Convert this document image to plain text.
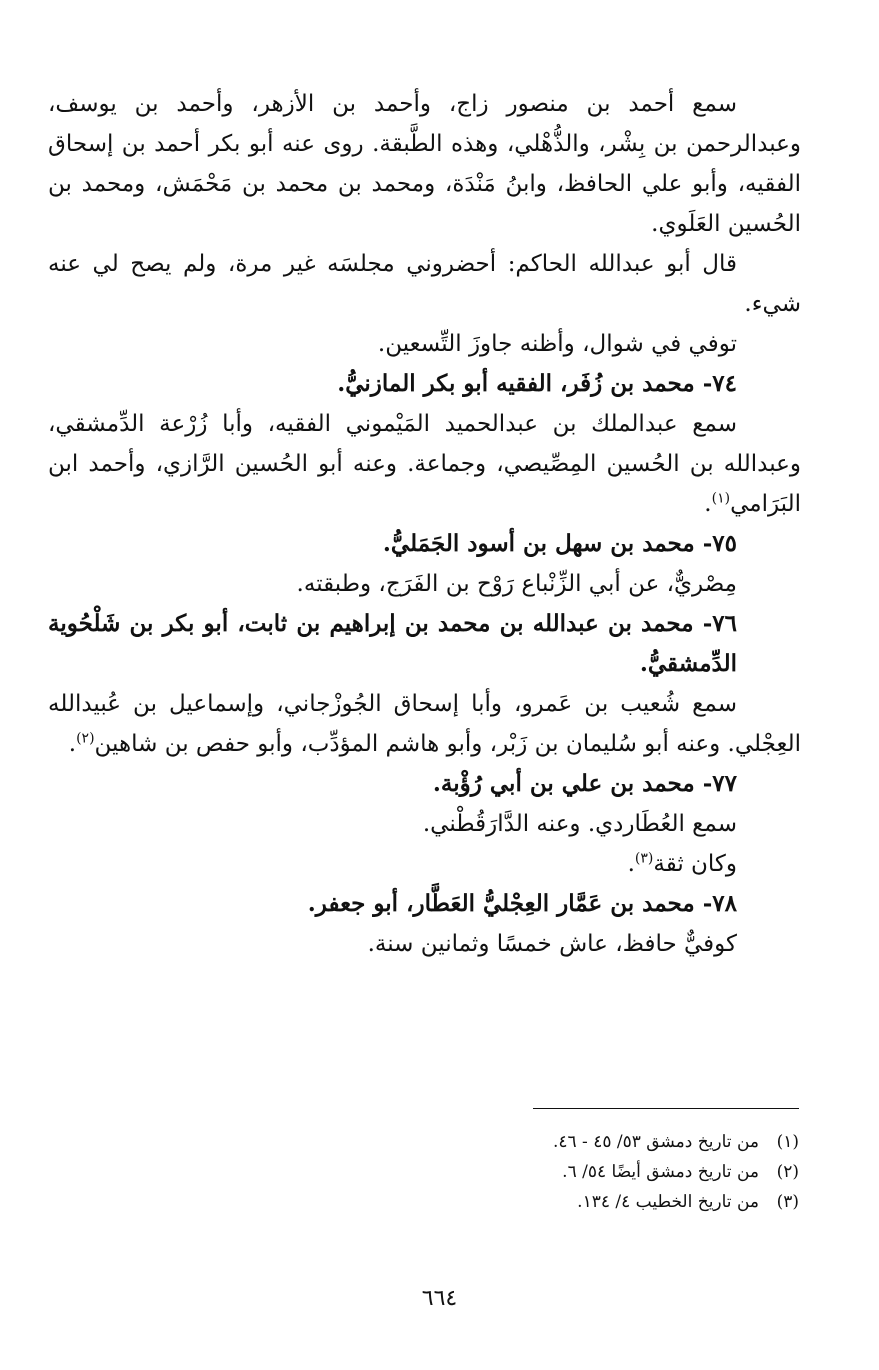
سمع أحمد بن منصور زاج، وأحمد بن الأزهر، وأحمد بن يوسف، وعبدالرحمن بن بِشْر، والذُّهْلي، وهذه الطَّبقة. روى عنه أبو بكر أحمد بن إسحاق الفقيه، وأبو علي الحافظ، وابنُ مَنْدَة، ومحمد بن محمد بن مَحْمَش، ومحمد بن الحُسين العَلَوي.

قال أبو عبدالله الحاكم: أحضروني مجلسَه غير مرة، ولم يصح لي عنه شيء.

توفي في شوال، وأظنه جاوزَ التِّسعين.

٧٤- محمد بن زُفَر، الفقيه أبو بكر المازنيُّ.

سمع عبدالملك بن عبدالحميد المَيْموني الفقيه، وأبا زُرْعة الدِّمشقي، وعبدالله بن الحُسين المِصِّيصي، وجماعة. وعنه أبو الحُسين الرَّازي، وأحمد ابن البَرَامي$^{(١)}$.

٧٥- محمد بن سهل بن أسود الجَمَليُّ.

مِصْريٌّ، عن أبي الزِّنْباع رَوْح بن الفَرَج، وطبقته.

٧٦- محمد بن عبدالله بن محمد بن إبراهيم بن ثابت، أبو بكر بن شَلْحُوية الدِّمشقيُّ.

سمع شُعيب بن عَمرو، وأبا إسحاق الجُوزْجاني، وإسماعيل بن عُبيدالله العِجْلي. وعنه أبو سُليمان بن زَبْر، وأبو هاشم المؤدِّب، وأبو حفص بن شاهين$^{(٢)}$.

٧٧- محمد بن علي بن أبي رُؤْبة.

سمع العُطَاردي. وعنه الدَّارَقُطْني.

وكان ثقة$^{(٣)}$.

٧٨- محمد بن عَمَّار العِجْليُّ العَطَّار، أبو جعفر.

كوفيٌّ حافظ، عاش خمسًا وثمانين سنة.

(١)من تاريخ دمشق ٥٣/ ٤٥ - ٤٦.
(٢)من تاريخ دمشق أيضًا ٥٤/ ٦.
(٣)من تاريخ الخطيب ٤/ ١٣٤.
٦٦٤
